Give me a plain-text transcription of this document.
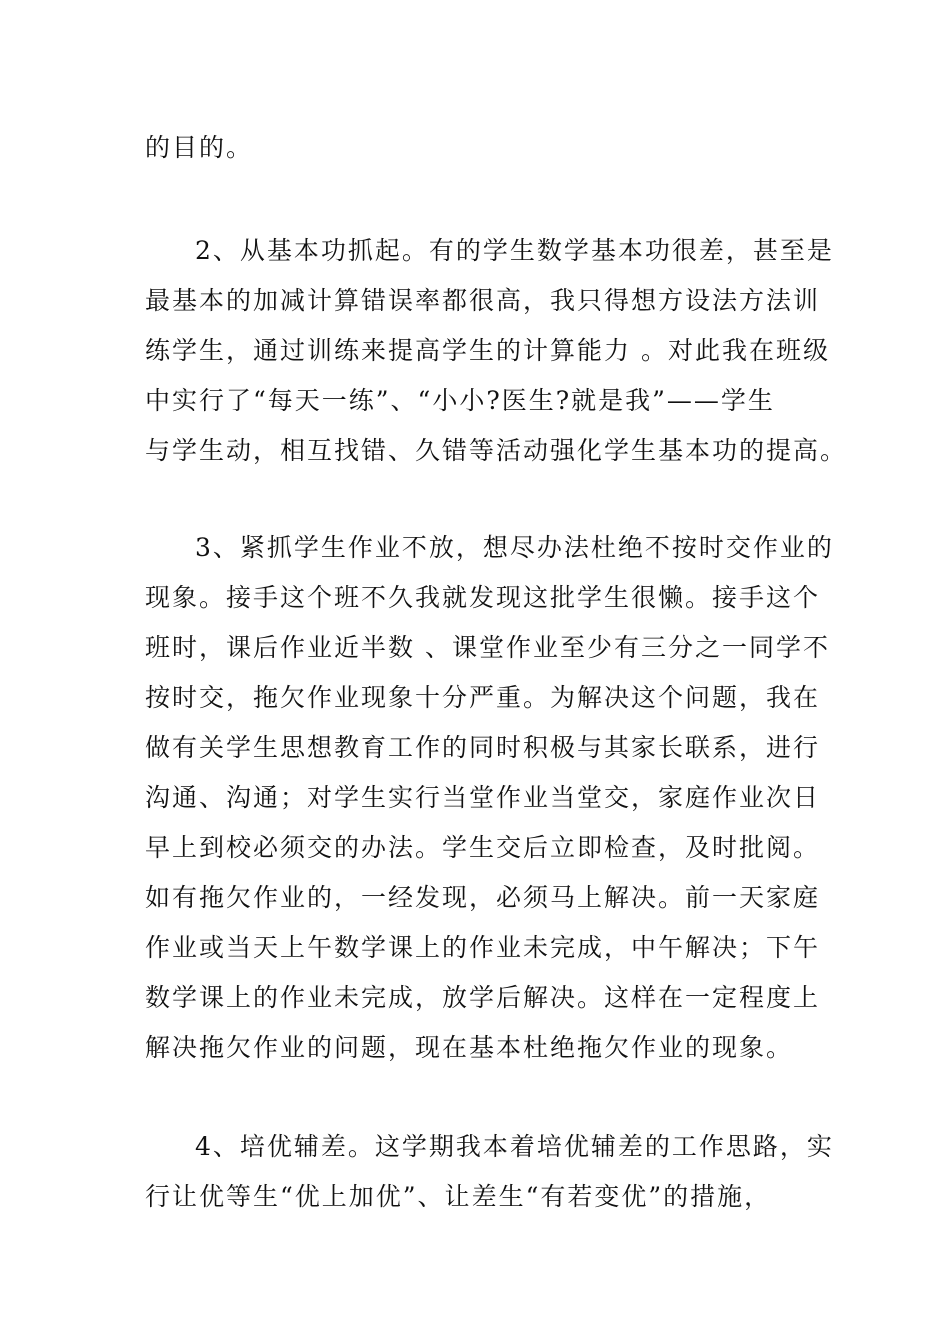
的目的。
2、从基本功抓起。有的学生数学基本功很差，甚至是
最基本的加减计算错误率都很高，我只得想方设法方法训
练学生，通过训练来提高学生的计算能力 。对此我在班级
中实行了“每天一练”、“小小?医生?就是我”——学生
与学生动，相互找错、久错等活动强化学生基本功的提高。
3、紧抓学生作业不放，想尽办法杜绝不按时交作业的
现象。接手这个班不久我就发现这批学生很懒。接手这个
班时，课后作业近半数 、课堂作业至少有三分之一同学不
按时交，拖欠作业现象十分严重。为解决这个问题，我在
做有关学生思想教育工作的同时积极与其家长联系，进行
沟通、沟通；对学生实行当堂作业当堂交，家庭作业次日
早上到校必须交的办法。学生交后立即检查，及时批阅。
如有拖欠作业的，一经发现，必须马上解决。前一天家庭
作业或当天上午数学课上的作业未完成，中午解决；下午
数学课上的作业未完成，放学后解决。这样在一定程度上
解决拖欠作业的问题，现在基本杜绝拖欠作业的现象。
4、培优辅差。这学期我本着培优辅差的工作思路，实
行让优等生“优上加优”、让差生“有若变优”的措施，
